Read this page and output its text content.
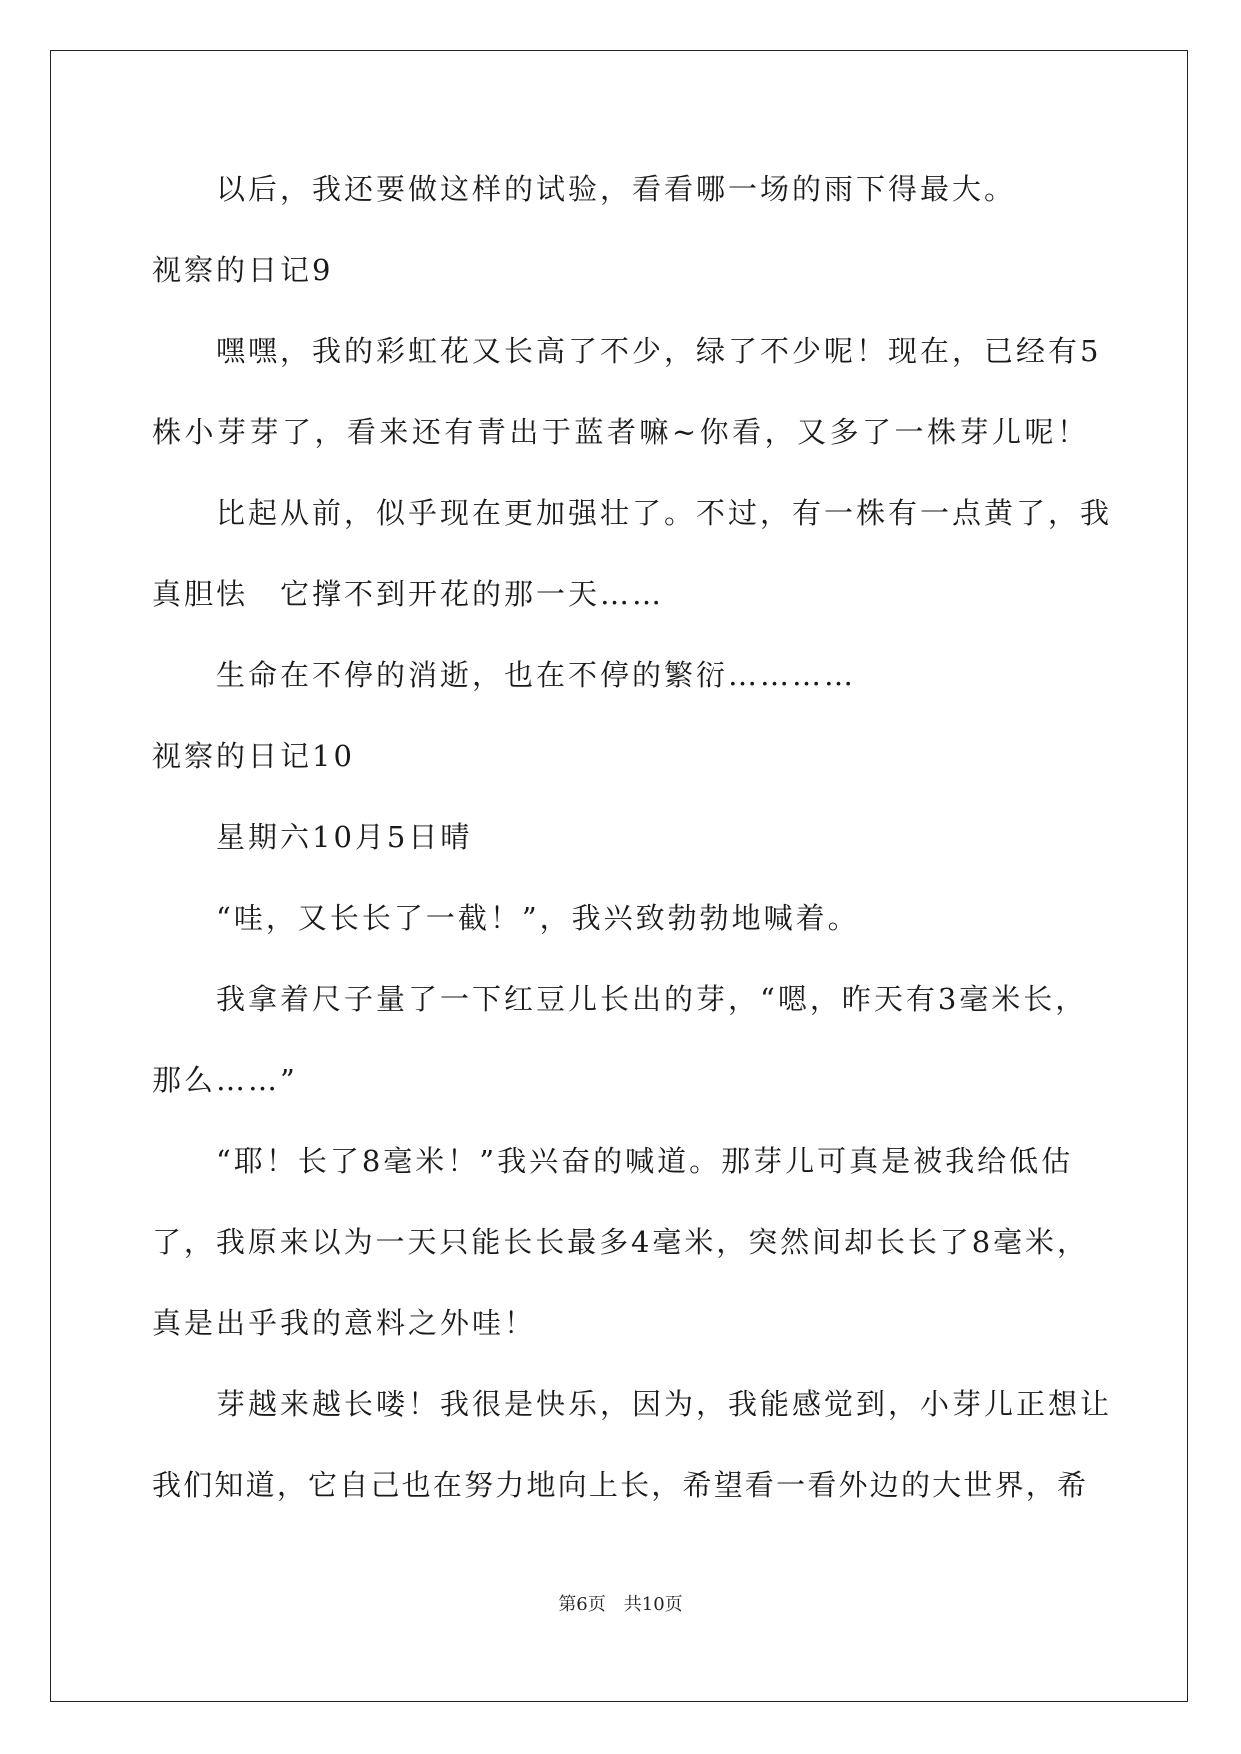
以后，我还要做这样的试验，看看哪一场的雨下得最大。
视察的日记9
嘿嘿，我的彩虹花又长高了不少，绿了不少呢！现在，已经有5
株小芽芽了，看来还有青出于蓝者嘛~你看，又多了一株芽儿呢！
比起从前，似乎现在更加强壮了。不过，有一株有一点黄了，我
真胆怯　它撑不到开花的那一天……
生命在不停的消逝，也在不停的繁衍…………
视察的日记10
星期六10月5日晴
“哇，又长长了一截！”，我兴致勃勃地喊着。
我拿着尺子量了一下红豆儿长出的芽，“嗯，昨天有3毫米长，
那么……”
“耶！长了8毫米！”我兴奋的喊道。那芽儿可真是被我给低估
了，我原来以为一天只能长长最多4毫米，突然间却长长了8毫米，
真是出乎我的意料之外哇！
芽越来越长喽！我很是快乐，因为，我能感觉到，小芽儿正想让
我们知道，它自己也在努力地向上长，希望看一看外边的大世界，希
第6页　共10页
